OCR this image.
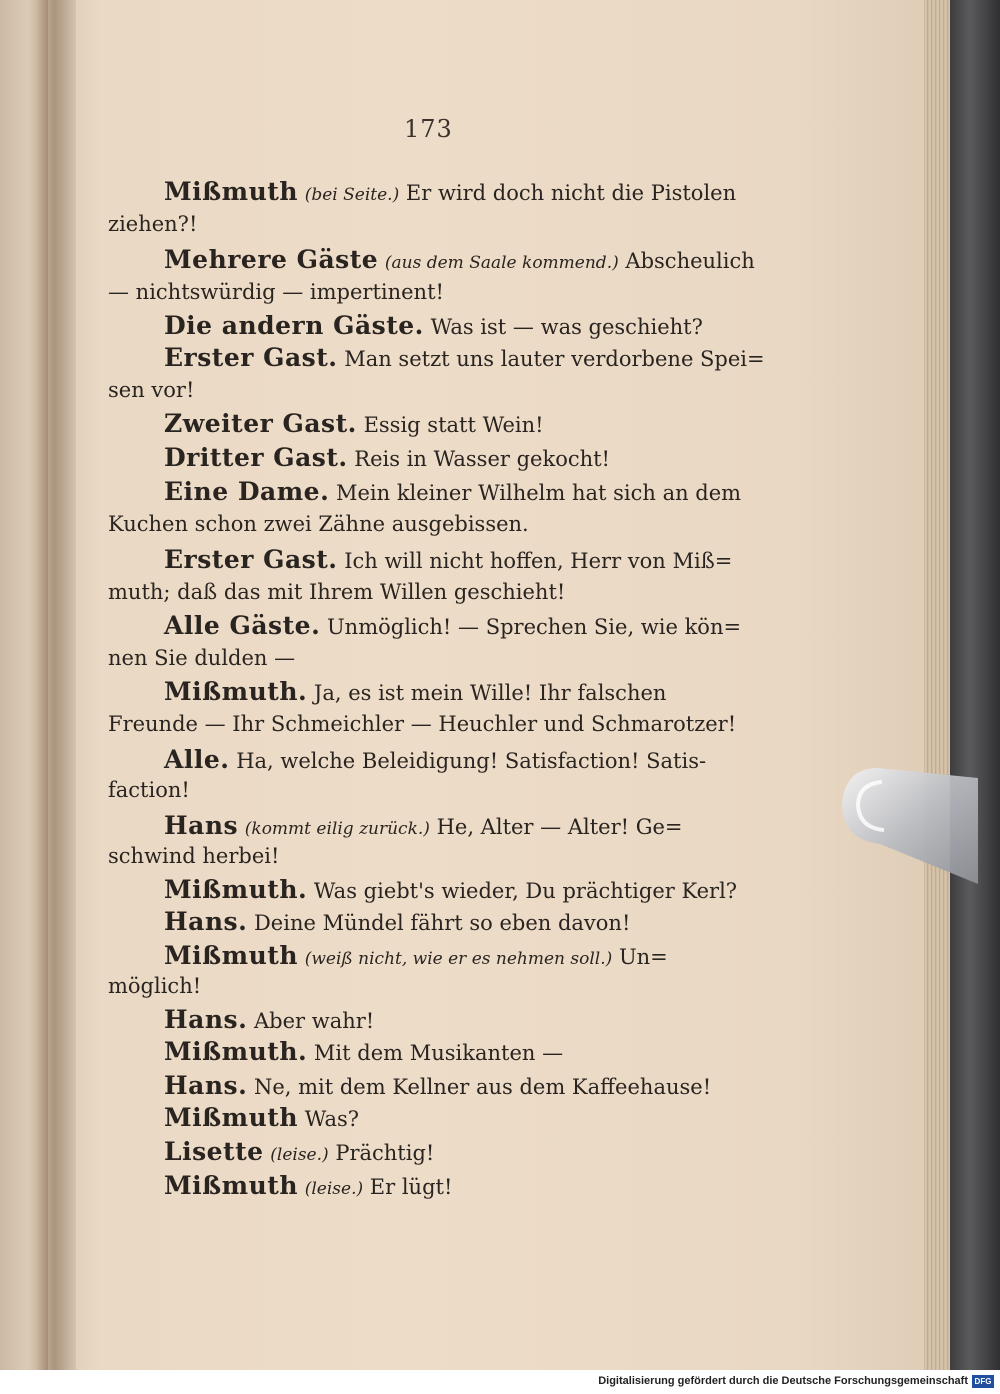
173
Mißmuth (bei Seite.) Er wird doch nicht die Pistolen
ziehen?!
Mehrere Gäste (aus dem Saale kommend.) Abscheulich
— nichtswürdig — impertinent!
Die andern Gäste. Was ist — was geschieht?
Erster Gast. Man setzt uns lauter verdorbene Spei=
sen vor!
Zweiter Gast. Essig statt Wein!
Dritter Gast. Reis in Wasser gekocht!
Eine Dame. Mein kleiner Wilhelm hat sich an dem
Kuchen schon zwei Zähne ausgebissen.
Erster Gast. Ich will nicht hoffen, Herr von Miß=
muth; daß das mit Ihrem Willen geschieht!
Alle Gäste. Unmöglich! — Sprechen Sie, wie kön=
nen Sie dulden —
Mißmuth. Ja, es ist mein Wille! Ihr falschen
Freunde — Ihr Schmeichler — Heuchler und Schmarotzer!
Alle. Ha, welche Beleidigung! Satisfaction! Satis-
faction!
Hans (kommt eilig zurück.) He, Alter — Alter! Ge=
schwind herbei!
Mißmuth. Was giebt's wieder, Du prächtiger Kerl?
Hans. Deine Mündel fährt so eben davon!
Mißmuth (weiß nicht, wie er es nehmen soll.) Un=
möglich!
Hans. Aber wahr!
Mißmuth. Mit dem Musikanten —
Hans. Ne, mit dem Kellner aus dem Kaffeehause!
Mißmuth Was?
Lisette (leise.) Prächtig!
Mißmuth (leise.) Er lügt!
Digitalisierung gefördert durch die Deutsche Forschungsgemeinschaft DFG
